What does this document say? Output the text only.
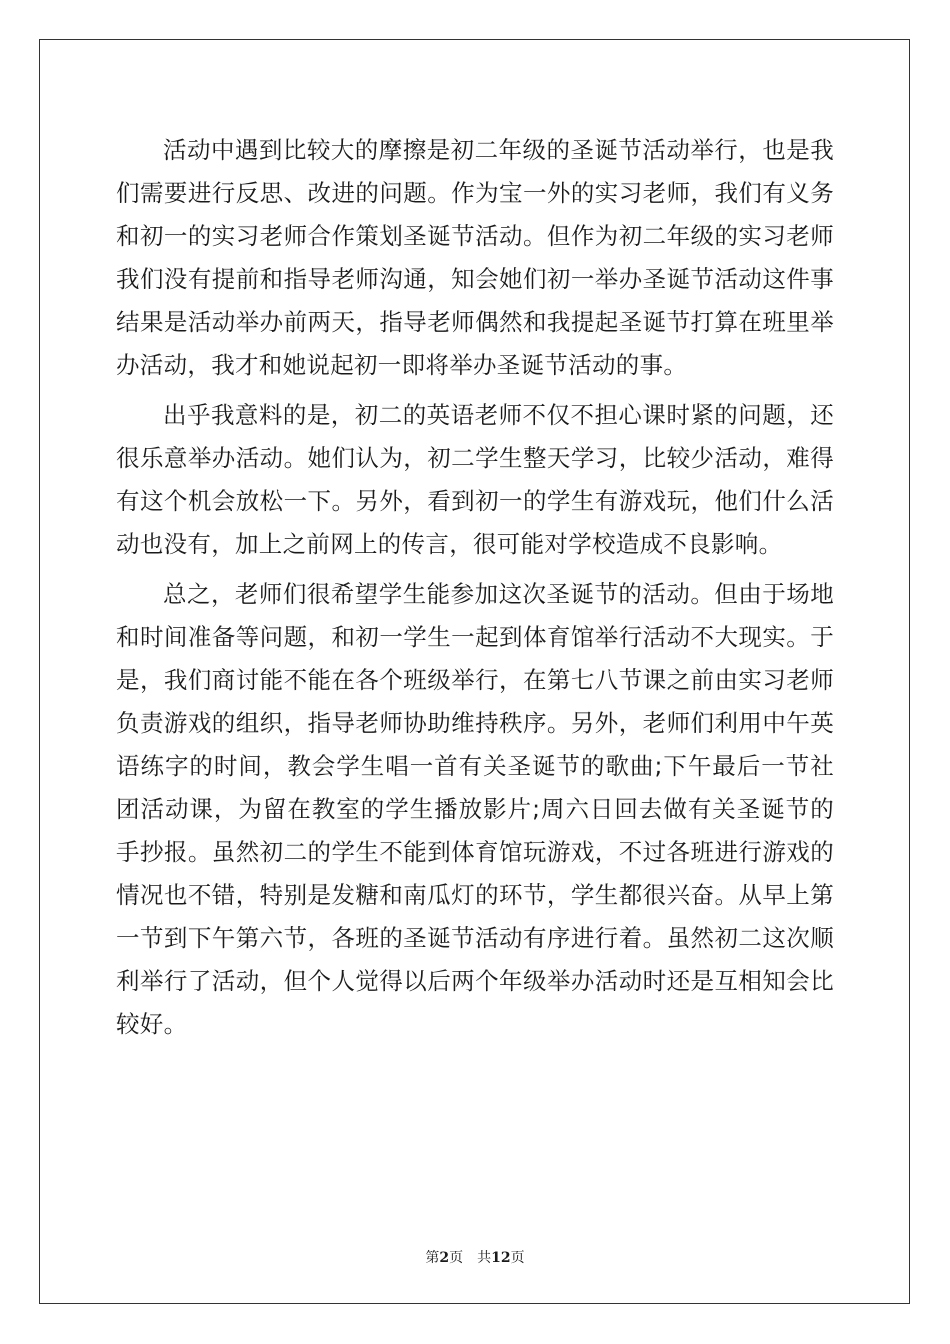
活动中遇到比较大的摩擦是初二年级的圣诞节活动举行，也是我们需要进行反思、改进的问题。作为宝一外的实习老师，我们有义务和初一的实习老师合作策划圣诞节活动。但作为初二年级的实习老师我们没有提前和指导老师沟通，知会她们初一举办圣诞节活动这件事结果是活动举办前两天，指导老师偶然和我提起圣诞节打算在班里举办活动，我才和她说起初一即将举办圣诞节活动的事。

出乎我意料的是，初二的英语老师不仅不担心课时紧的问题，还很乐意举办活动。她们认为，初二学生整天学习，比较少活动，难得有这个机会放松一下。另外，看到初一的学生有游戏玩，他们什么活动也没有，加上之前网上的传言，很可能对学校造成不良影响。

总之，老师们很希望学生能参加这次圣诞节的活动。但由于场地和时间准备等问题，和初一学生一起到体育馆举行活动不大现实。于是，我们商讨能不能在各个班级举行，在第七八节课之前由实习老师负责游戏的组织，指导老师协助维持秩序。另外，老师们利用中午英语练字的时间，教会学生唱一首有关圣诞节的歌曲;下午最后一节社团活动课，为留在教室的学生播放影片;周六日回去做有关圣诞节的手抄报。虽然初二的学生不能到体育馆玩游戏，不过各班进行游戏的情况也不错，特别是发糖和南瓜灯的环节，学生都很兴奋。从早上第一节到下午第六节，各班的圣诞节活动有序进行着。虽然初二这次顺利举行了活动，但个人觉得以后两个年级举办活动时还是互相知会比较好。

第2页 共12页
